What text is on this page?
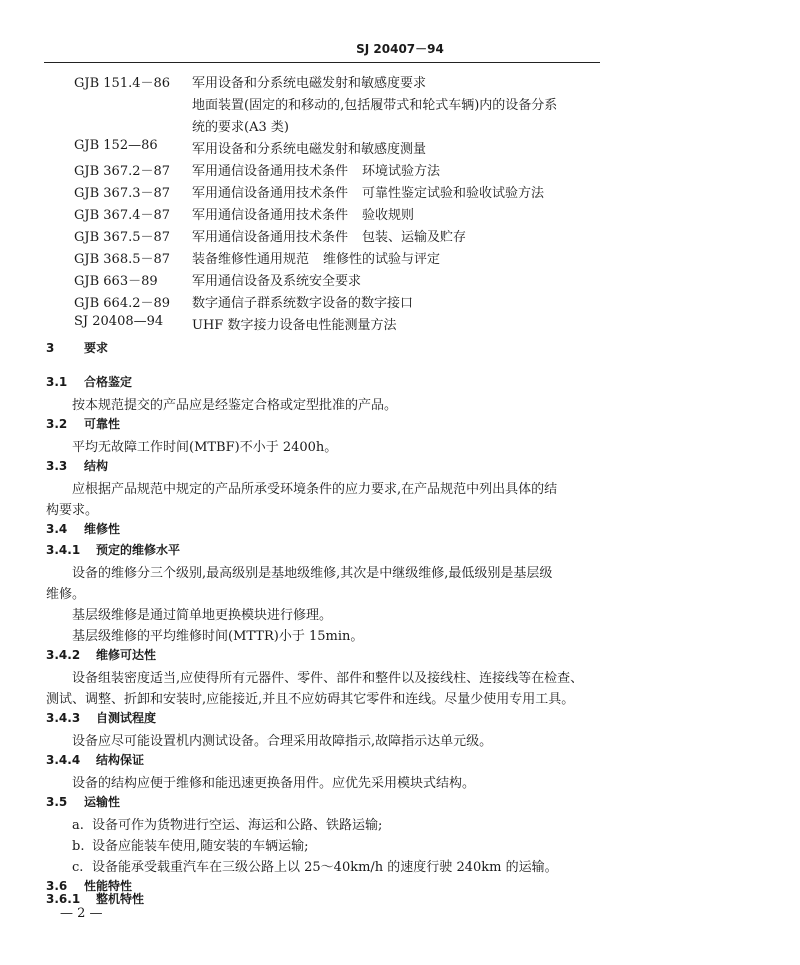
SJ 20407－94
GJB 151.4－86 军用设备和分系统电磁发射和敏感度要求
地面装置(固定的和移动的,包括履带式和轮式车辆)内的设备分系
统的要求(A3 类)
GJB 152—86	军用设备和分系统电磁发射和敏感度测量
GJB 367.2－87 军用通信设备通用技术条件 环境试验方法
GJB 367.3－87 军用通信设备通用技术条件 可靠性鉴定试验和验收试验方法
GJB 367.4－87 军用通信设备通用技术条件 验收规则
GJB 367.5－87 军用通信设备通用技术条件 包装、运输及贮存
GJB 368.5－87 装备维修性通用规范 维修性的试验与评定
GJB 663－89	军用通信设备及系统安全要求
GJB 664.2－89 数字通信子群系统数字设备的数字接口
SJ 20408—94 UHF 数字接力设备电性能测量方法
3 要求
3.1 合格鉴定
按本规范提交的产品应是经鉴定合格或定型批准的产品。
3.2 可靠性
平均无故障工作时间(MTBF)不小于 2400h。
3.3 结构
应根据产品规范中规定的产品所承受环境条件的应力要求,在产品规范中列出具体的结
构要求。
3.4 维修性
3.4.1 预定的维修水平
设备的维修分三个级别,最高级别是基地级维修,其次是中继级维修,最低级别是基层级
维修。
基层级维修是通过简单地更换模块进行修理。
基层级维修的平均维修时间(MTTR)小于 15min。
3.4.2 维修可达性
设备组装密度适当,应使得所有元器件、零件、部件和整件以及接线柱、连接线等在检查、
测试、调整、折卸和安装时,应能接近,并且不应妨碍其它零件和连线。尽量少使用专用工具。
3.4.3 自测试程度
设备应尽可能设置机内测试设备。合理采用故障指示,故障指示达单元级。
3.4.4 结构保证
设备的结构应便于维修和能迅速更换备用件。应优先采用模块式结构。
3.5 运输性
a. 设备可作为货物进行空运、海运和公路、铁路运输;
b. 设备应能装车使用,随安装的车辆运输;
c. 设备能承受载重汽车在三级公路上以 25～40km/h 的速度行驶 240km 的运输。
3.6 性能特性
3.6.1 整机特性
— 2 —
